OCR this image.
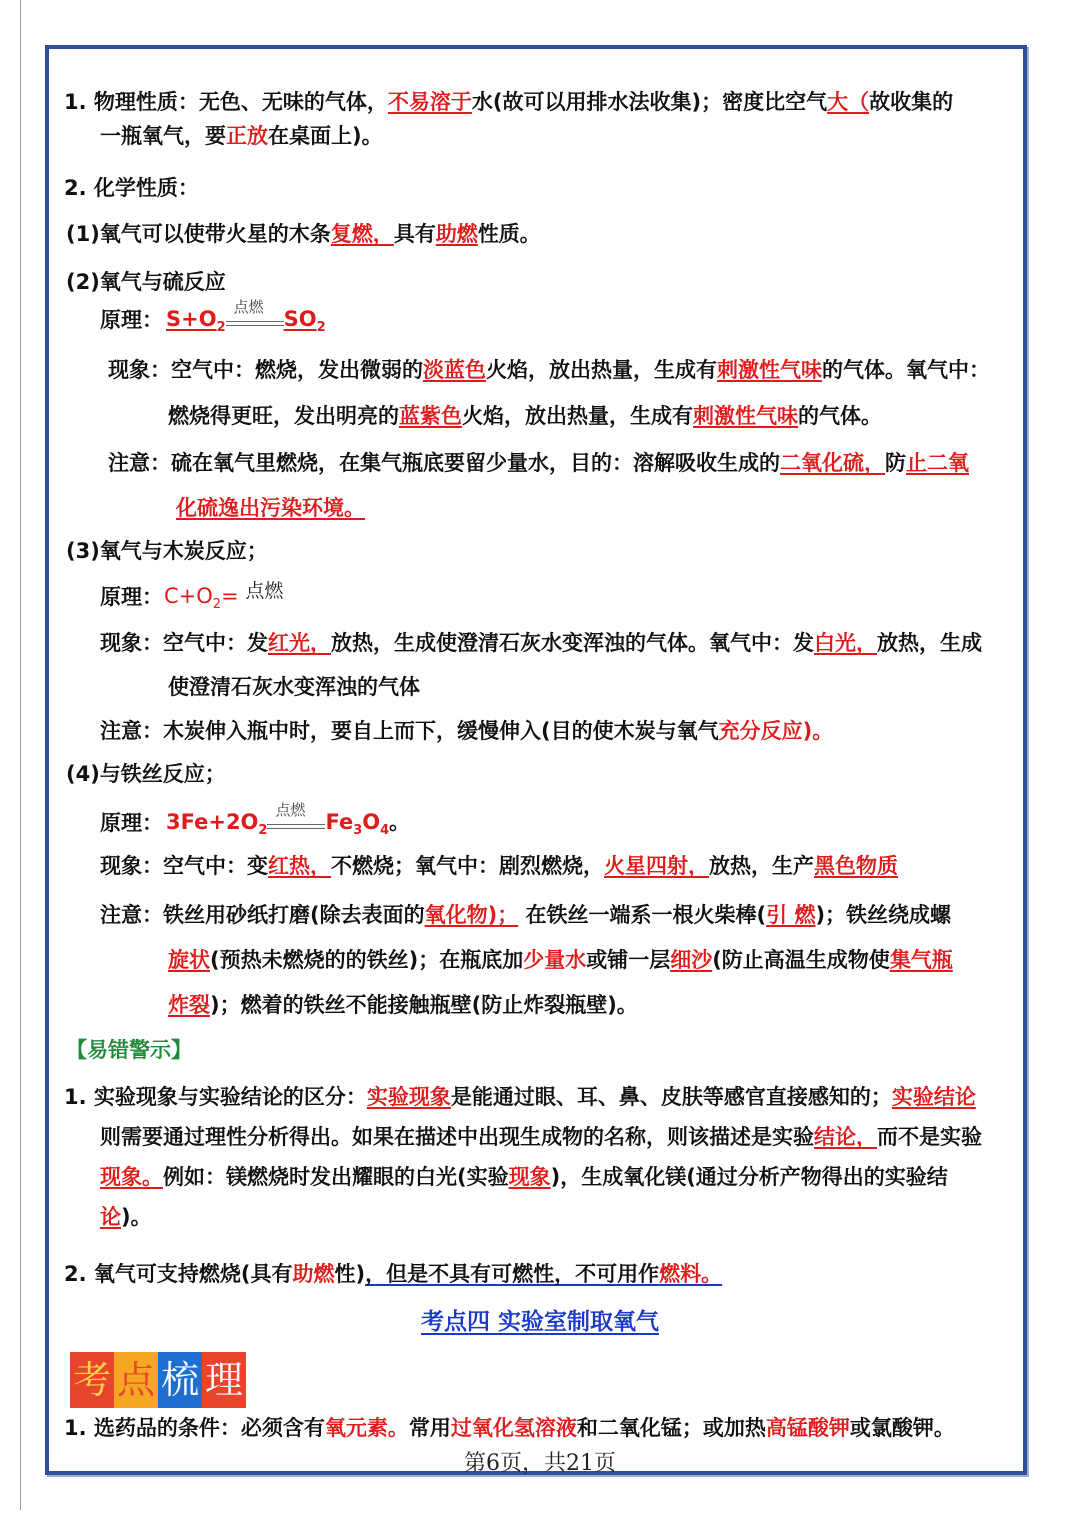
1. 物理性质：无色、无味的气体，不易溶于水(故可以用排水法收集)；密度比空气大（故收集的
一瓶氧气，要正放在桌面上)。
2. 化学性质：
(1)氧气可以使带火星的木条复燃，具有助燃性质。
(2)氧气与硫反应
原理： $S+O_2$
点燃 $SO_2$
现象：空气中：燃烧，发出微弱的淡蓝色火焰，放出热量，生成有刺激性气味的气体。氧气中：
燃烧得更旺，发出明亮的蓝紫色火焰，放出热量，生成有刺激性气味的气体。
注意：硫在氧气里燃烧，在集气瓶底要留少量水，目的：溶解吸收生成的二氧化硫，防止二氧
化硫逸出污染环境。
(3)氧气与木炭反应；
原理： $C+O_2=$ 点燃
现象：空气中：发红光，放热，生成使澄清石灰水变浑浊的气体。氧气中：发白光，放热，生成
使澄清石灰水变浑浊的气体
注意：木炭伸入瓶中时，要自上而下，缓慢伸入(目的使木炭与氧气充分反应)。
(4)与铁丝反应；
原理： $3Fe+2O_2$
点燃 $Fe_3O_4$。
现象：空气中：变红热，不燃烧；氧气中：剧烈燃烧，火星四射，放热，生产黑色物质
注意：铁丝用砂纸打磨(除去表面的氧化物)； 在铁丝一端系一根火柴棒(引 燃)；铁丝绕成螺
旋状(预热未燃烧的的铁丝)；在瓶底加少量水或铺一层细沙(防止高温生成物使集气瓶
炸裂)；燃着的铁丝不能接触瓶壁(防止炸裂瓶壁)。
【易错警示】
1. 实验现象与实验结论的区分：实验现象是能通过眼、耳、鼻、皮肤等感官直接感知的；实验结论
则需要通过理性分析得出。如果在描述中出现生成物的名称，则该描述是实验结论，而不是实验
现象。例如：镁燃烧时发出耀眼的白光(实验现象)，生成氧化镁(通过分析产物得出的实验结
论)。
2. 氧气可支持燃烧(具有助燃性)，但是不具有可燃性，不可用作燃料。
考点四 实验室制取氧气
考 点 梳 理
1. 选药品的条件：必须含有氧元素。常用过氧化氢溶液和二氧化锰；或加热高锰酸钾或氯酸钾。
第6页，共21页
